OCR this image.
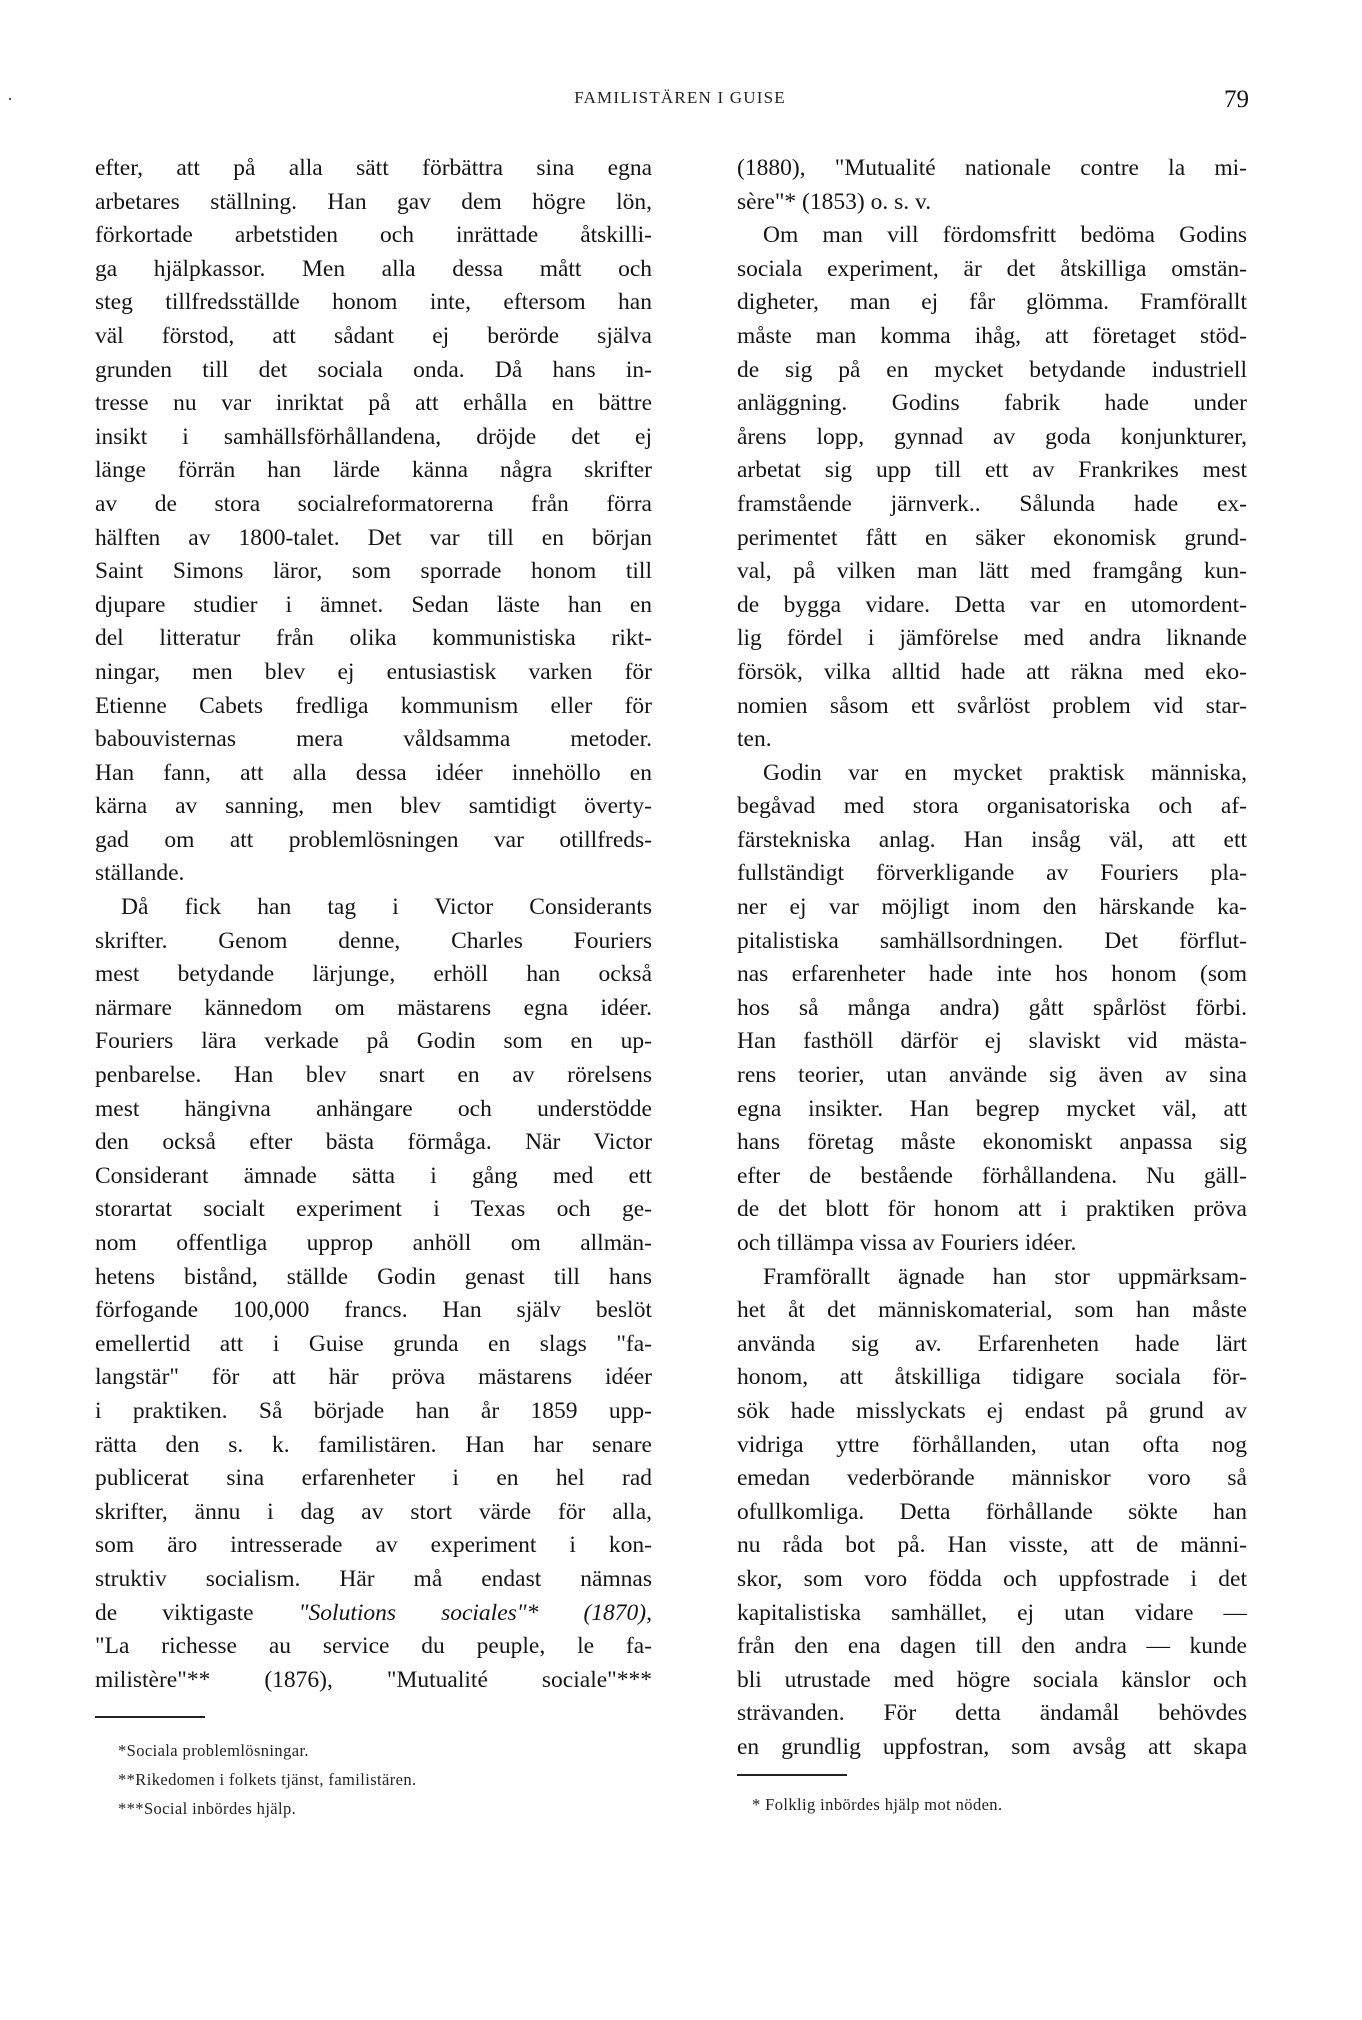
FAMILISTÄREN I GUISE	79
efter, att på alla sätt förbättra sina egna
arbetares ställning. Han gav dem högre lön,
förkortade arbetstiden och inrättade åtskilli-
ga hjälpkassor. Men alla dessa mått och
steg tillfredsställde honom inte, eftersom han
väl förstod, att sådant ej berörde själva
grunden till det sociala onda. Då hans in-
tresse nu var inriktat på att erhålla en bättre
insikt i samhällsförhållandena, dröjde det ej
länge förrän han lärde känna några skrifter
av de stora socialreformatorerna från förra
hälften av 1800-talet. Det var till en början
Saint Simons läror, som sporrade honom till
djupare studier i ämnet. Sedan läste han en
del litteratur från olika kommunistiska rikt-
ningar, men blev ej entusiastisk varken för
Etienne Cabets fredliga kommunism eller för
babouvisternas mera våldsamma metoder.
Han fann, att alla dessa idéer innehöllo en
kärna av sanning, men blev samtidigt överty-
gad om att problemlösningen var otillfreds-
ställande.
Då fick han tag i Victor Considerants
skrifter. Genom denne, Charles Fouriers
mest betydande lärjunge, erhöll han också
närmare kännedom om mästarens egna idéer.
Fouriers lära verkade på Godin som en up-
penbarelse. Han blev snart en av rörelsens
mest hängivna anhängare och understödde
den också efter bästa förmåga. När Victor
Considerant ämnade sätta i gång med ett
storartat socialt experiment i Texas och ge-
nom offentliga upprop anhöll om allmän-
hetens bistånd, ställde Godin genast till hans
förfogande 100,000 francs. Han själv beslöt
emellertid att i Guise grunda en slags "fa-
langstär" för att här pröva mästarens idéer
i praktiken. Så började han år 1859 upp-
rätta den s. k. familistären. Han har senare
publicerat sina erfarenheter i en hel rad
skrifter, ännu i dag av stort värde för alla,
som äro intresserade av experiment i kon-
struktiv socialism. Här må endast nämnas
de viktigaste "Solutions sociales"* (1870),
"La richesse au service du peuple, le fa-
milistère"** (1876), "Mutualité sociale"***
(1880), "Mutualité nationale contre la mi-
sère"* (1853) o. s. v.
Om man vill fördomsfritt bedöma Godins
sociala experiment, är det åtskilliga omstän-
digheter, man ej får glömma. Framförallt
måste man komma ihåg, att företaget stöd-
de sig på en mycket betydande industriell
anläggning. Godins fabrik hade under
årens lopp, gynnad av goda konjunkturer,
arbetat sig upp till ett av Frankrikes mest
framstående järnverk.. Sålunda hade ex-
perimentet fått en säker ekonomisk grund-
val, på vilken man lätt med framgång kun-
de bygga vidare. Detta var en utomordent-
lig fördel i jämförelse med andra liknande
försök, vilka alltid hade att räkna med eko-
nomien såsom ett svårlöst problem vid star-
ten.
Godin var en mycket praktisk människa,
begåvad med stora organisatoriska och af-
färstekniska anlag. Han insåg väl, att ett
fullständigt förverkligande av Fouriers pla-
ner ej var möjligt inom den härskande ka-
pitalistiska samhällsordningen. Det förflut-
nas erfarenheter hade inte hos honom (som
hos så många andra) gått spårlöst förbi.
Han fasthöll därför ej slaviskt vid mästa-
rens teorier, utan använde sig även av sina
egna insikter. Han begrep mycket väl, att
hans företag måste ekonomiskt anpassa sig
efter de bestående förhållandena. Nu gäll-
de det blott för honom att i praktiken pröva
och tillämpa vissa av Fouriers idéer.
Framförallt ägnade han stor uppmärksam-
het åt det människomaterial, som han måste
använda sig av. Erfarenheten hade lärt
honom, att åtskilliga tidigare sociala för-
sök hade misslyckats ej endast på grund av
vidriga yttre förhållanden, utan ofta nog
emedan vederbörande människor voro så
ofullkomliga. Detta förhållande sökte han
nu råda bot på. Han visste, att de männi-
skor, som voro födda och uppfostrade i det
kapitalistiska samhället, ej utan vidare —
från den ena dagen till den andra — kunde
bli utrustade med högre sociala känslor och
strävanden. För detta ändamål behövdes
en grundlig uppfostran, som avsåg att skapa
*Sociala problemlösningar.
**Rikedomen i folkets tjänst, familistären.
***Social inbördes hjälp.	* Folklig inbördes hjälp mot nöden.
